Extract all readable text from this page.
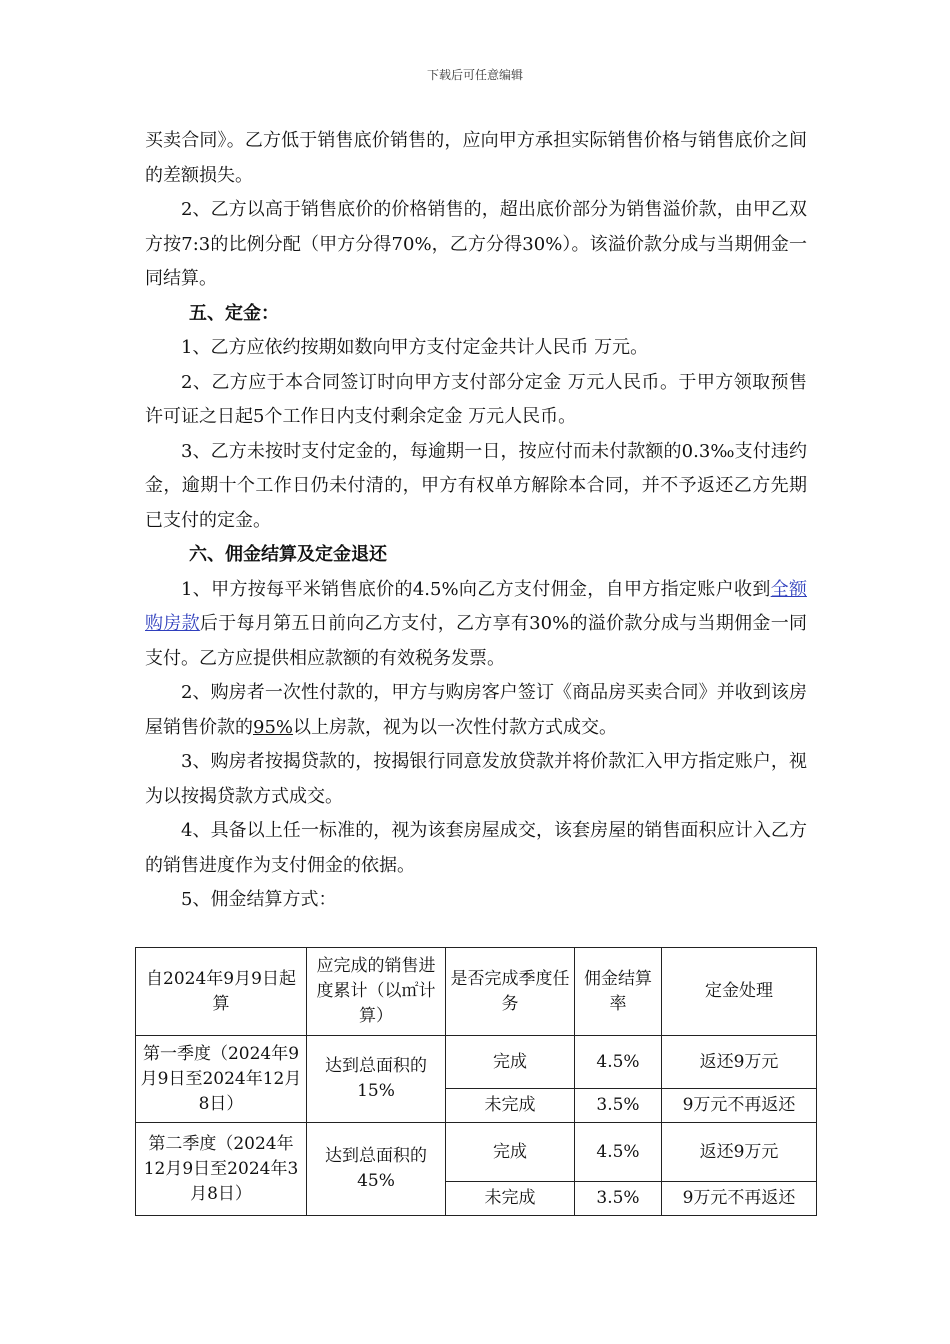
下载后可任意编辑

买卖合同》。乙方低于销售底价销售的，应向甲方承担实际销售价格与销售底价之间的差额损失。

2、乙方以高于销售底价的价格销售的，超出底价部分为销售溢价款，由甲乙双方按7:3的比例分配（甲方分得70%，乙方分得30%）。该溢价款分成与当期佣金一同结算。

五、定金：

1、乙方应依约按期如数向甲方支付定金共计人民币 万元。

2、乙方应于本合同签订时向甲方支付部分定金 万元人民币。于甲方领取预售许可证之日起5个工作日内支付剩余定金 万元人民币。

3、乙方未按时支付定金的，每逾期一日，按应付而未付款额的0.3‰支付违约金，逾期十个工作日仍未付清的，甲方有权单方解除本合同，并不予返还乙方先期已支付的定金。

六、佣金结算及定金退还

1、甲方按每平米销售底价的4.5%向乙方支付佣金，自甲方指定账户收到全额购房款后于每月第五日前向乙方支付，乙方享有30%的溢价款分成与当期佣金一同支付。乙方应提供相应款额的有效税务发票。

2、购房者一次性付款的，甲方与购房客户签订《商品房买卖合同》并收到该房屋销售价款的95%以上房款，视为以一次性付款方式成交。

3、购房者按揭贷款的，按揭银行同意发放贷款并将价款汇入甲方指定账户，视为以按揭贷款方式成交。

4、具备以上任一标准的，视为该套房屋成交，该套房屋的销售面积应计入乙方的销售进度作为支付佣金的依据。

5、佣金结算方式：

自2024年9月9日起算	应完成的销售进度累计（以㎡计算）	是否完成季度任务	佣金结算率	定金处理
第一季度（2024年9月9日至2024年12月8日）	达到总面积的15%	完成	4.5%	返还9万元
		未完成	3.5%	9万元不再返还
第二季度（2024年12月9日至2024年3月8日）	达到总面积的45%	完成	4.5%	返还9万元
		未完成	3.5%	9万元不再返还
